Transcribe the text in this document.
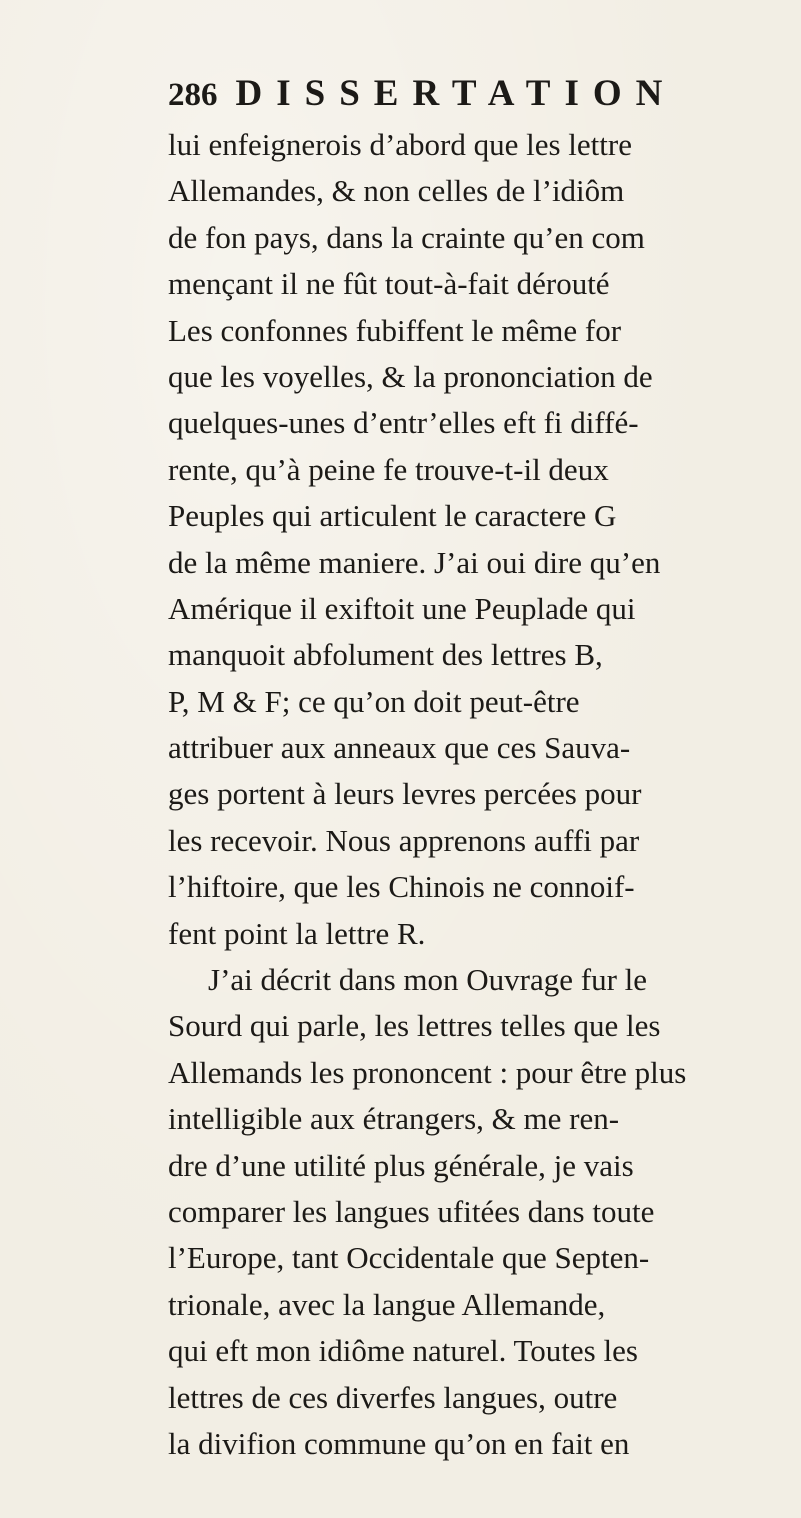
286 DISSERTATION
lui enfeignerois d’abord que les lettre
Allemandes, & non celles de l’idiôm
de fon pays, dans la crainte qu’en com
mençant il ne fût tout-à-fait dérouté
Les confonnes fubiffent le même for
que les voyelles, & la prononciation de
quelques-unes d’entr’elles eft fi diffé-
rente, qu’à peine fe trouve-t-il deux
Peuples qui articulent le caractere G
de la même maniere. J’ai oui dire qu’en
Amérique il exiftoit une Peuplade qui
manquoit abfolument des lettres B,
P, M & F; ce qu’on doit peut-être
attribuer aux anneaux que ces Sauva-
ges portent à leurs levres percées pour
les recevoir. Nous apprenons auffi par
l’hiftoire, que les Chinois ne connoif-
fent point la lettre R.
J’ai décrit dans mon Ouvrage fur le
Sourd qui parle, les lettres telles que les
Allemands les prononcent : pour être plus
intelligible aux étrangers, & me ren-
dre d’une utilité plus générale, je vais
comparer les langues ufitées dans toute
l’Europe, tant Occidentale que Septen-
trionale, avec la langue Allemande,
qui eft mon idiôme naturel. Toutes les
lettres de ces diverfes langues, outre
la divifion commune qu’on en fait en
